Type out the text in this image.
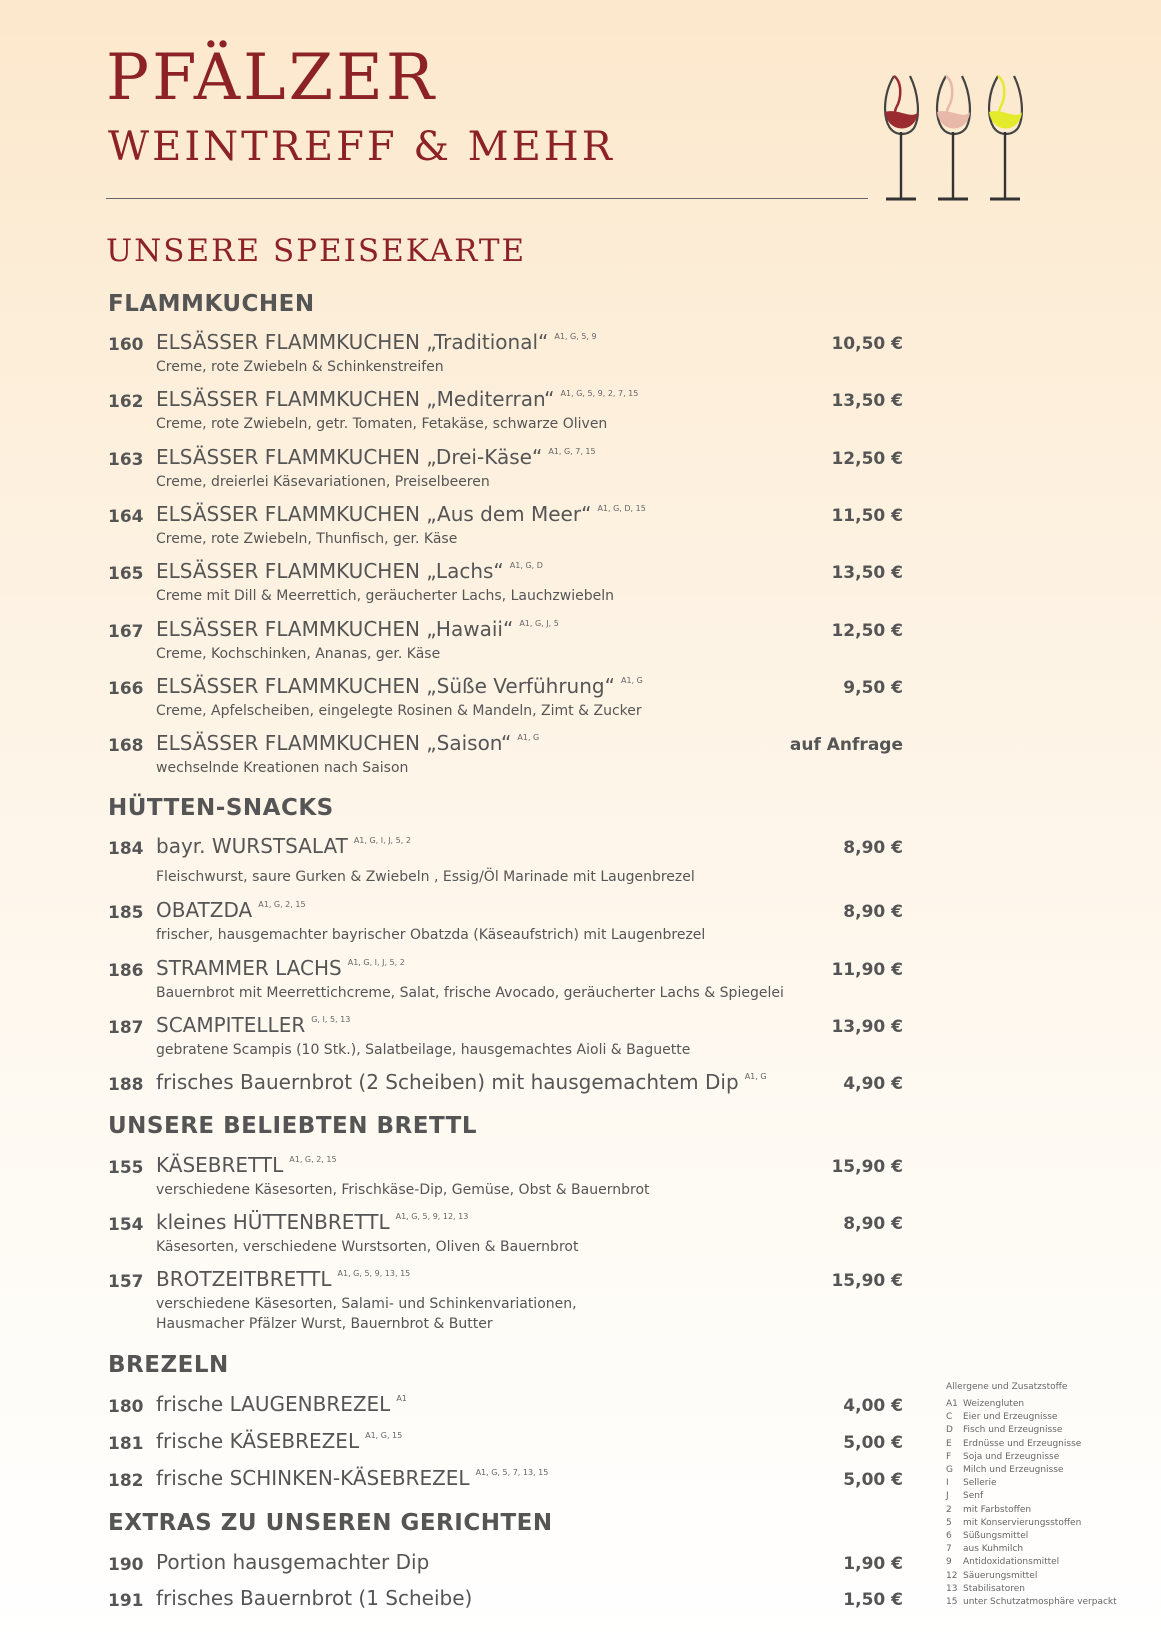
PFÄLZER
WEINTREFF & MEHR
UNSERE SPEISEKARTE
FLAMMKUCHEN
160 ELSÄSSER FLAMMKUCHEN „Traditional“ $^{A1, G, 5, 9}$	10,50 €
Creme, rote Zwiebeln & Schinkenstreifen
162 ELSÄSSER FLAMMKUCHEN „Mediterran“ $^{A1, G, 5, 9, 2, 7, 15}$	13,50 €
Creme, rote Zwiebeln, getr. Tomaten, Fetakäse, schwarze Oliven
163 ELSÄSSER FLAMMKUCHEN „Drei-Käse“ $^{A1, G, 7, 15}$	12,50 €
Creme, dreierlei Käsevariationen, Preiselbeeren
164 ELSÄSSER FLAMMKUCHEN „Aus dem Meer“ $^{A1, G, D, 15}$	11,50 €
Creme, rote Zwiebeln, Thunfisch, ger. Käse
165 ELSÄSSER FLAMMKUCHEN „Lachs“ $^{A1, G, D}$	13,50 €
Creme mit Dill & Meerrettich, geräucherter Lachs, Lauchzwiebeln
167 ELSÄSSER FLAMMKUCHEN „Hawaii“ $^{A1, G, J, 5}$	12,50 €
Creme, Kochschinken, Ananas, ger. Käse
166 ELSÄSSER FLAMMKUCHEN „Süße Verführung“ $^{A1, G}$	9,50 €
Creme, Apfelscheiben, eingelegte Rosinen & Mandeln, Zimt & Zucker
168 ELSÄSSER FLAMMKUCHEN „Saison“ $^{A1, G}$	auf Anfrage
wechselnde Kreationen nach Saison
HÜTTEN-SNACKS
184 bayr. WURSTSALAT $^{A1, G, I, J, 5, 2}$	8,90 €
Fleischwurst, saure Gurken & Zwiebeln , Essig/Öl Marinade mit Laugenbrezel
185 OBATZDA $^{A1, G, 2, 15}$	8,90 €
frischer, hausgemachter bayrischer Obatzda (Käseaufstrich) mit Laugenbrezel
186 STRAMMER LACHS $^{A1, G, I, J, 5, 2}$	11,90 €
Bauernbrot mit Meerrettichcreme, Salat, frische Avocado, geräucherter Lachs & Spiegelei
187 SCAMPITELLER $^{G, I, 5, 13}$	13,90 €
gebratene Scampis (10 Stk.), Salatbeilage, hausgemachtes Aioli & Baguette
188 frisches Bauernbrot (2 Scheiben) mit hausgemachtem Dip $^{A1, G}$	4,90 €
UNSERE BELIEBTEN BRETTL
155 KÄSEBRETTL $^{A1, G, 2, 15}$	15,90 €
verschiedene Käsesorten, Frischkäse-Dip, Gemüse, Obst & Bauernbrot
154 kleines HÜTTENBRETTL $^{A1, G, 5, 9, 12, 13}$	8,90 €
Käsesorten, verschiedene Wurstsorten, Oliven & Bauernbrot
157 BROTZEITBRETTL $^{A1, G, 5, 9, 13, 15}$	15,90 €
verschiedene Käsesorten, Salami- und Schinkenvariationen,
Hausmacher Pfälzer Wurst, Bauernbrot & Butter
BREZELN
180 frische LAUGENBREZEL $^{A1}$	4,00 €
181 frische KÄSEBREZEL $^{A1, G, 15}$	5,00 €
182 frische SCHINKEN-KÄSEBREZEL $^{A1, G, 5, 7, 13, 15}$	5,00 €
EXTRAS ZU UNSEREN GERICHTEN
190 Portion hausgemachter Dip	1,90 €
191 frisches Bauernbrot (1 Scheibe)	1,50 €
Allergene und Zusatzstoffe
A1 Weizengluten
C Eier und Erzeugnisse
D Fisch und Erzeugnisse
E Erdnüsse und Erzeugnisse
F Soja und Erzeugnisse
G Milch und Erzeugnisse
I Sellerie
J Senf
2 mit Farbstoffen
5 mit Konservierungsstoffen
6 Süßungsmittel
7 aus Kuhmilch
9 Antidoxidationsmittel
12 Säuerungsmittel
13 Stabilisatoren
15 unter Schutzatmosphäre verpackt
